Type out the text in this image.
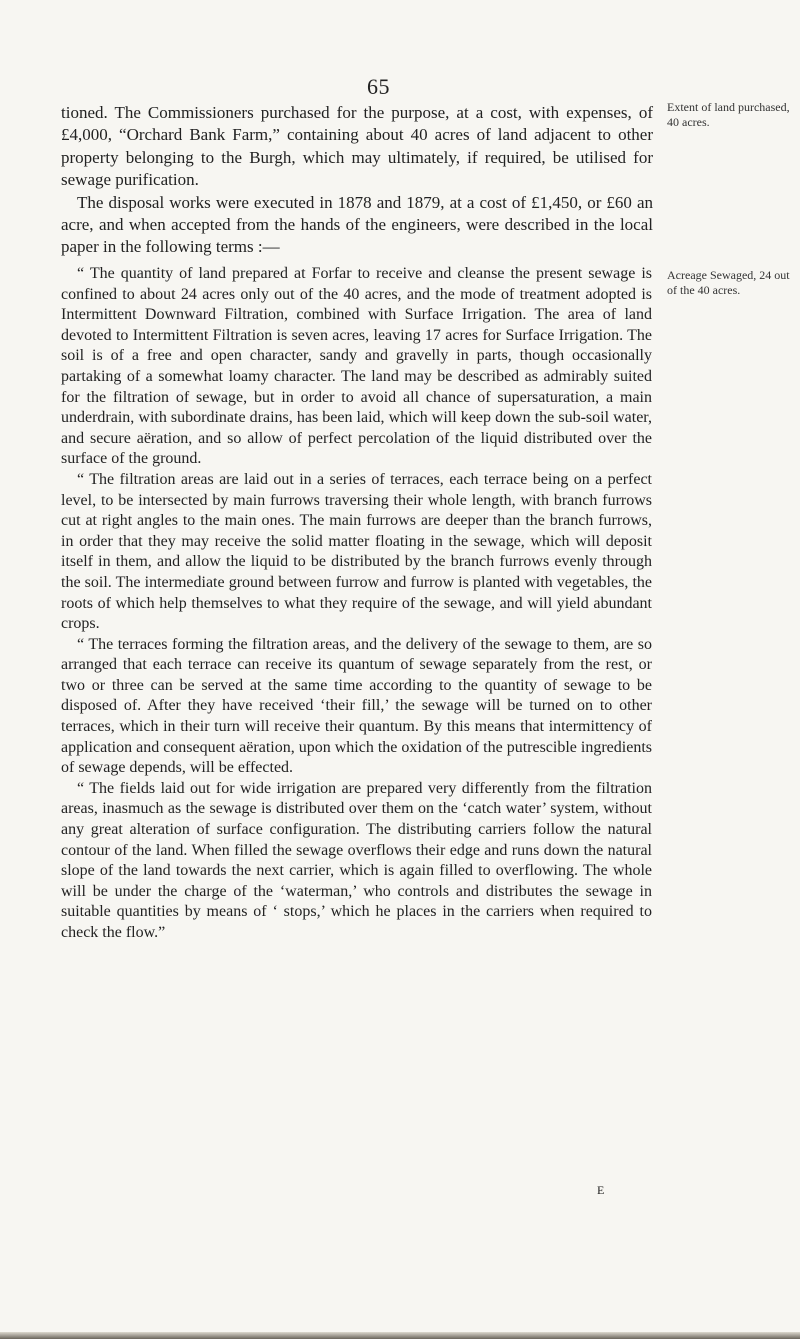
65

tioned. The Commissioners purchased for the purpose, at a cost, with expenses, of £4,000, “Orchard Bank Farm,” containing about 40 acres of land adjacent to other property belonging to the Burgh, which may ultimately, if required, be utilised for sewage purification.

The disposal works were executed in 1878 and 1879, at a cost of £1,450, or £60 an acre, and when accepted from the hands of the engineers, were described in the local paper in the following terms :—

Extent of land purchased, 40 acres.
Acreage Sewaged, 24 out of the 40 acres.

“ The quantity of land prepared at Forfar to receive and cleanse the present sewage is confined to about 24 acres only out of the 40 acres, and the mode of treatment adopted is Intermittent Downward Filtration, combined with Surface Irrigation. The area of land devoted to Intermittent Filtration is seven acres, leaving 17 acres for Surface Irrigation. The soil is of a free and open character, sandy and gravelly in parts, though occasionally partaking of a somewhat loamy character. The land may be described as admirably suited for the filtration of sewage, but in order to avoid all chance of supersaturation, a main underdrain, with subordinate drains, has been laid, which will keep down the sub-soil water, and secure aëration, and so allow of perfect percolation of the liquid distributed over the surface of the ground.

“ The filtration areas are laid out in a series of terraces, each terrace being on a perfect level, to be intersected by main furrows traversing their whole length, with branch furrows cut at right angles to the main ones. The main furrows are deeper than the branch furrows, in order that they may receive the solid matter floating in the sewage, which will deposit itself in them, and allow the liquid to be distributed by the branch furrows evenly through the soil. The intermediate ground between furrow and furrow is planted with vegetables, the roots of which help themselves to what they require of the sewage, and will yield abundant crops.

“ The terraces forming the filtration areas, and the delivery of the sewage to them, are so arranged that each terrace can receive its quantum of sewage separately from the rest, or two or three can be served at the same time according to the quantity of sewage to be disposed of. After they have received ‘their fill,’ the sewage will be turned on to other terraces, which in their turn will receive their quantum. By this means that intermittency of application and consequent aëration, upon which the oxidation of the putrescible ingredients of sewage depends, will be effected.

“ The fields laid out for wide irrigation are prepared very differently from the filtration areas, inasmuch as the sewage is distributed over them on the ‘catch water’ system, without any great alteration of surface configuration. The distributing carriers follow the natural contour of the land. When filled the sewage overflows their edge and runs down the natural slope of the land towards the next carrier, which is again filled to overflowing. The whole will be under the charge of the ‘waterman,’ who controls and distributes the sewage in suitable quantities by means of ‘ stops,’ which he places in the carriers when required to check the flow.”

E
